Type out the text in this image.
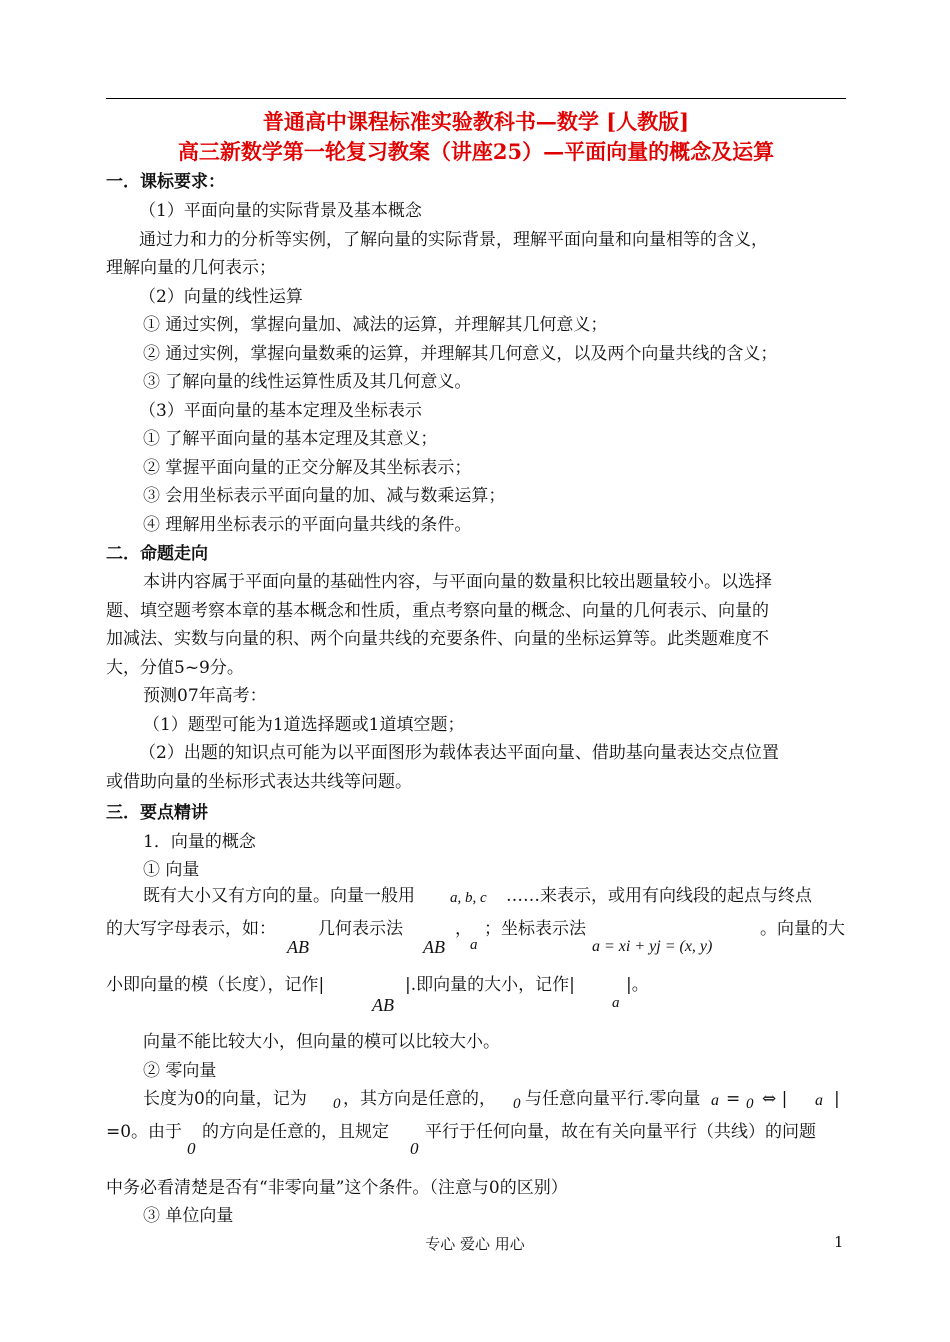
普通高中课程标准实验教科书—数学 [人教版]
高三新数学第一轮复习教案（讲座25）—平面向量的概念及运算
一．课标要求：
（1）平面向量的实际背景及基本概念
通过力和力的分析等实例，了解向量的实际背景，理解平面向量和向量相等的含义，
理解向量的几何表示；
（2）向量的线性运算
① 通过实例，掌握向量加、减法的运算，并理解其几何意义；
② 通过实例，掌握向量数乘的运算，并理解其几何意义，以及两个向量共线的含义；
③ 了解向量的线性运算性质及其几何意义。
（3）平面向量的基本定理及坐标表示
① 了解平面向量的基本定理及其意义；
② 掌握平面向量的正交分解及其坐标表示；
③ 会用坐标表示平面向量的加、减与数乘运算；
④ 理解用坐标表示的平面向量共线的条件。
二．命题走向
本讲内容属于平面向量的基础性内容，与平面向量的数量积比较出题量较小。以选择
题、填空题考察本章的基本概念和性质，重点考察向量的概念、向量的几何表示、向量的
加减法、实数与向量的积、两个向量共线的充要条件、向量的坐标运算等。此类题难度不
大，分值5~9分。
预测07年高考：
（1）题型可能为1道选择题或1道填空题；
（2）出题的知识点可能为以平面图形为载体表达平面向量、借助基向量表达交点位置
或借助向量的坐标形式表达共线等问题。
三．要点精讲
1．向量的概念
① 向量
既有大小又有方向的量。向量一般用 a, b, c ……来表示，或用有向线段的起点与终点
的大写字母表示，如：
AB
几何表示法
AB
，
a
；坐标表示法
a = xi + yj = (x, y)
。向量的大
小即向量的模（长度），记作|
AB
|.即向量的大小，记作|
a
|。
向量不能比较大小，但向量的模可以比较大小。
② 零向量
长度为0的向量，记为 0 ，其方向是任意的， 0 与任意向量平行.零向量 a = 0 ⇔ | a |
=0。由于
0
的方向是任意的，且规定
0
平行于任何向量，故在有关向量平行（共线）的问题
中务必看清楚是否有“非零向量”这个条件。（注意与0的区别）
③ 单位向量
专心 爱心 用心	1
